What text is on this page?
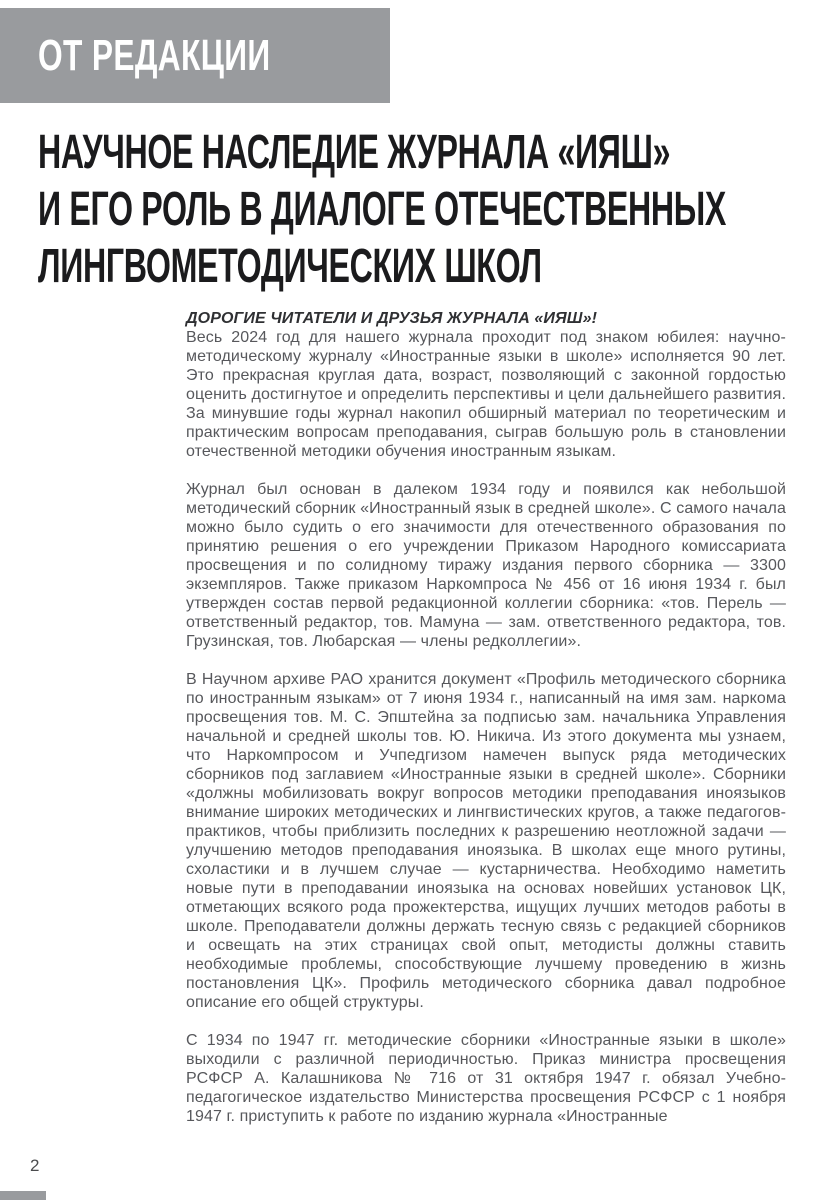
ОТ РЕДАКЦИИ
НАУЧНОЕ НАСЛЕДИЕ ЖУРНАЛА «ИЯШ»
И ЕГО РОЛЬ В ДИАЛОГЕ ОТЕЧЕСТВЕННЫХ
ЛИНГВОМЕТОДИЧЕСКИХ ШКОЛ
ДОРОГИЕ ЧИТАТЕЛИ И ДРУЗЬЯ ЖУРНАЛА «ИЯШ»!

Весь 2024 год для нашего журнала проходит под знаком юбилея: научно-методическому журналу «Иностранные языки в школе» исполняется 90 лет. Это прекрасная круглая дата, возраст, позволяющий с законной гордостью оценить достигнутое и определить перспективы и цели дальнейшего развития. За минувшие годы журнал накопил обширный материал по теоретическим и практическим вопросам преподавания, сыграв большую роль в становлении отечественной методики обучения иностранным языкам.

Журнал был основан в далеком 1934 году и появился как небольшой методический сборник «Иностранный язык в средней школе». С самого начала можно было судить о его значимости для отечественного образования по принятию решения о его учреждении Приказом Народного комиссариата просвещения и по солидному тиражу издания первого сборника — 3300 экземпляров. Также приказом Наркомпроса № 456 от 16 июня 1934 г. был утвержден состав первой редакционной коллегии сборника: «тов. Перель — ответственный редактор, тов. Мамуна — зам. ответственного редактора, тов. Грузинская, тов. Любарская — члены редколлегии».

В Научном архиве РАО хранится документ «Профиль методического сборника по иностранным языкам» от 7 июня 1934 г., написанный на имя зам. наркома просвещения тов. М. С. Эпштейна за подписью зам. начальника Управления начальной и средней школы тов. Ю. Никича. Из этого документа мы узнаем, что Наркомпросом и Учпедгизом намечен выпуск ряда методических сборников под заглавием «Иностранные языки в средней школе». Сборники «должны мобилизовать вокруг вопросов методики преподавания иноязыков внимание широких методических и лингвистических кругов, а также педагогов-практиков, чтобы приблизить последних к разрешению неотложной задачи — улучшению методов преподавания иноязыка. В школах еще много рутины, схоластики и в лучшем случае — кустарничества. Необходимо наметить новые пути в преподавании иноязыка на основах новейших установок ЦК, отметающих всякого рода прожектерства, ищущих лучших методов работы в школе. Преподаватели должны держать тесную связь с редакцией сборников и освещать на этих страницах свой опыт, методисты должны ставить необходимые проблемы, способствующие лучшему проведению в жизнь постановления ЦК». Профиль методического сборника давал подробное описание его общей структуры.

С 1934 по 1947 гг. методические сборники «Иностранные языки в школе» выходили с различной периодичностью. Приказ министра просвещения РСФСР А. Калашникова № 716 от 31 октября 1947 г. обязал Учебно-педагогическое издательство Министерства просвещения РСФСР с 1 ноября 1947 г. приступить к работе по изданию журнала «Иностранные

2
